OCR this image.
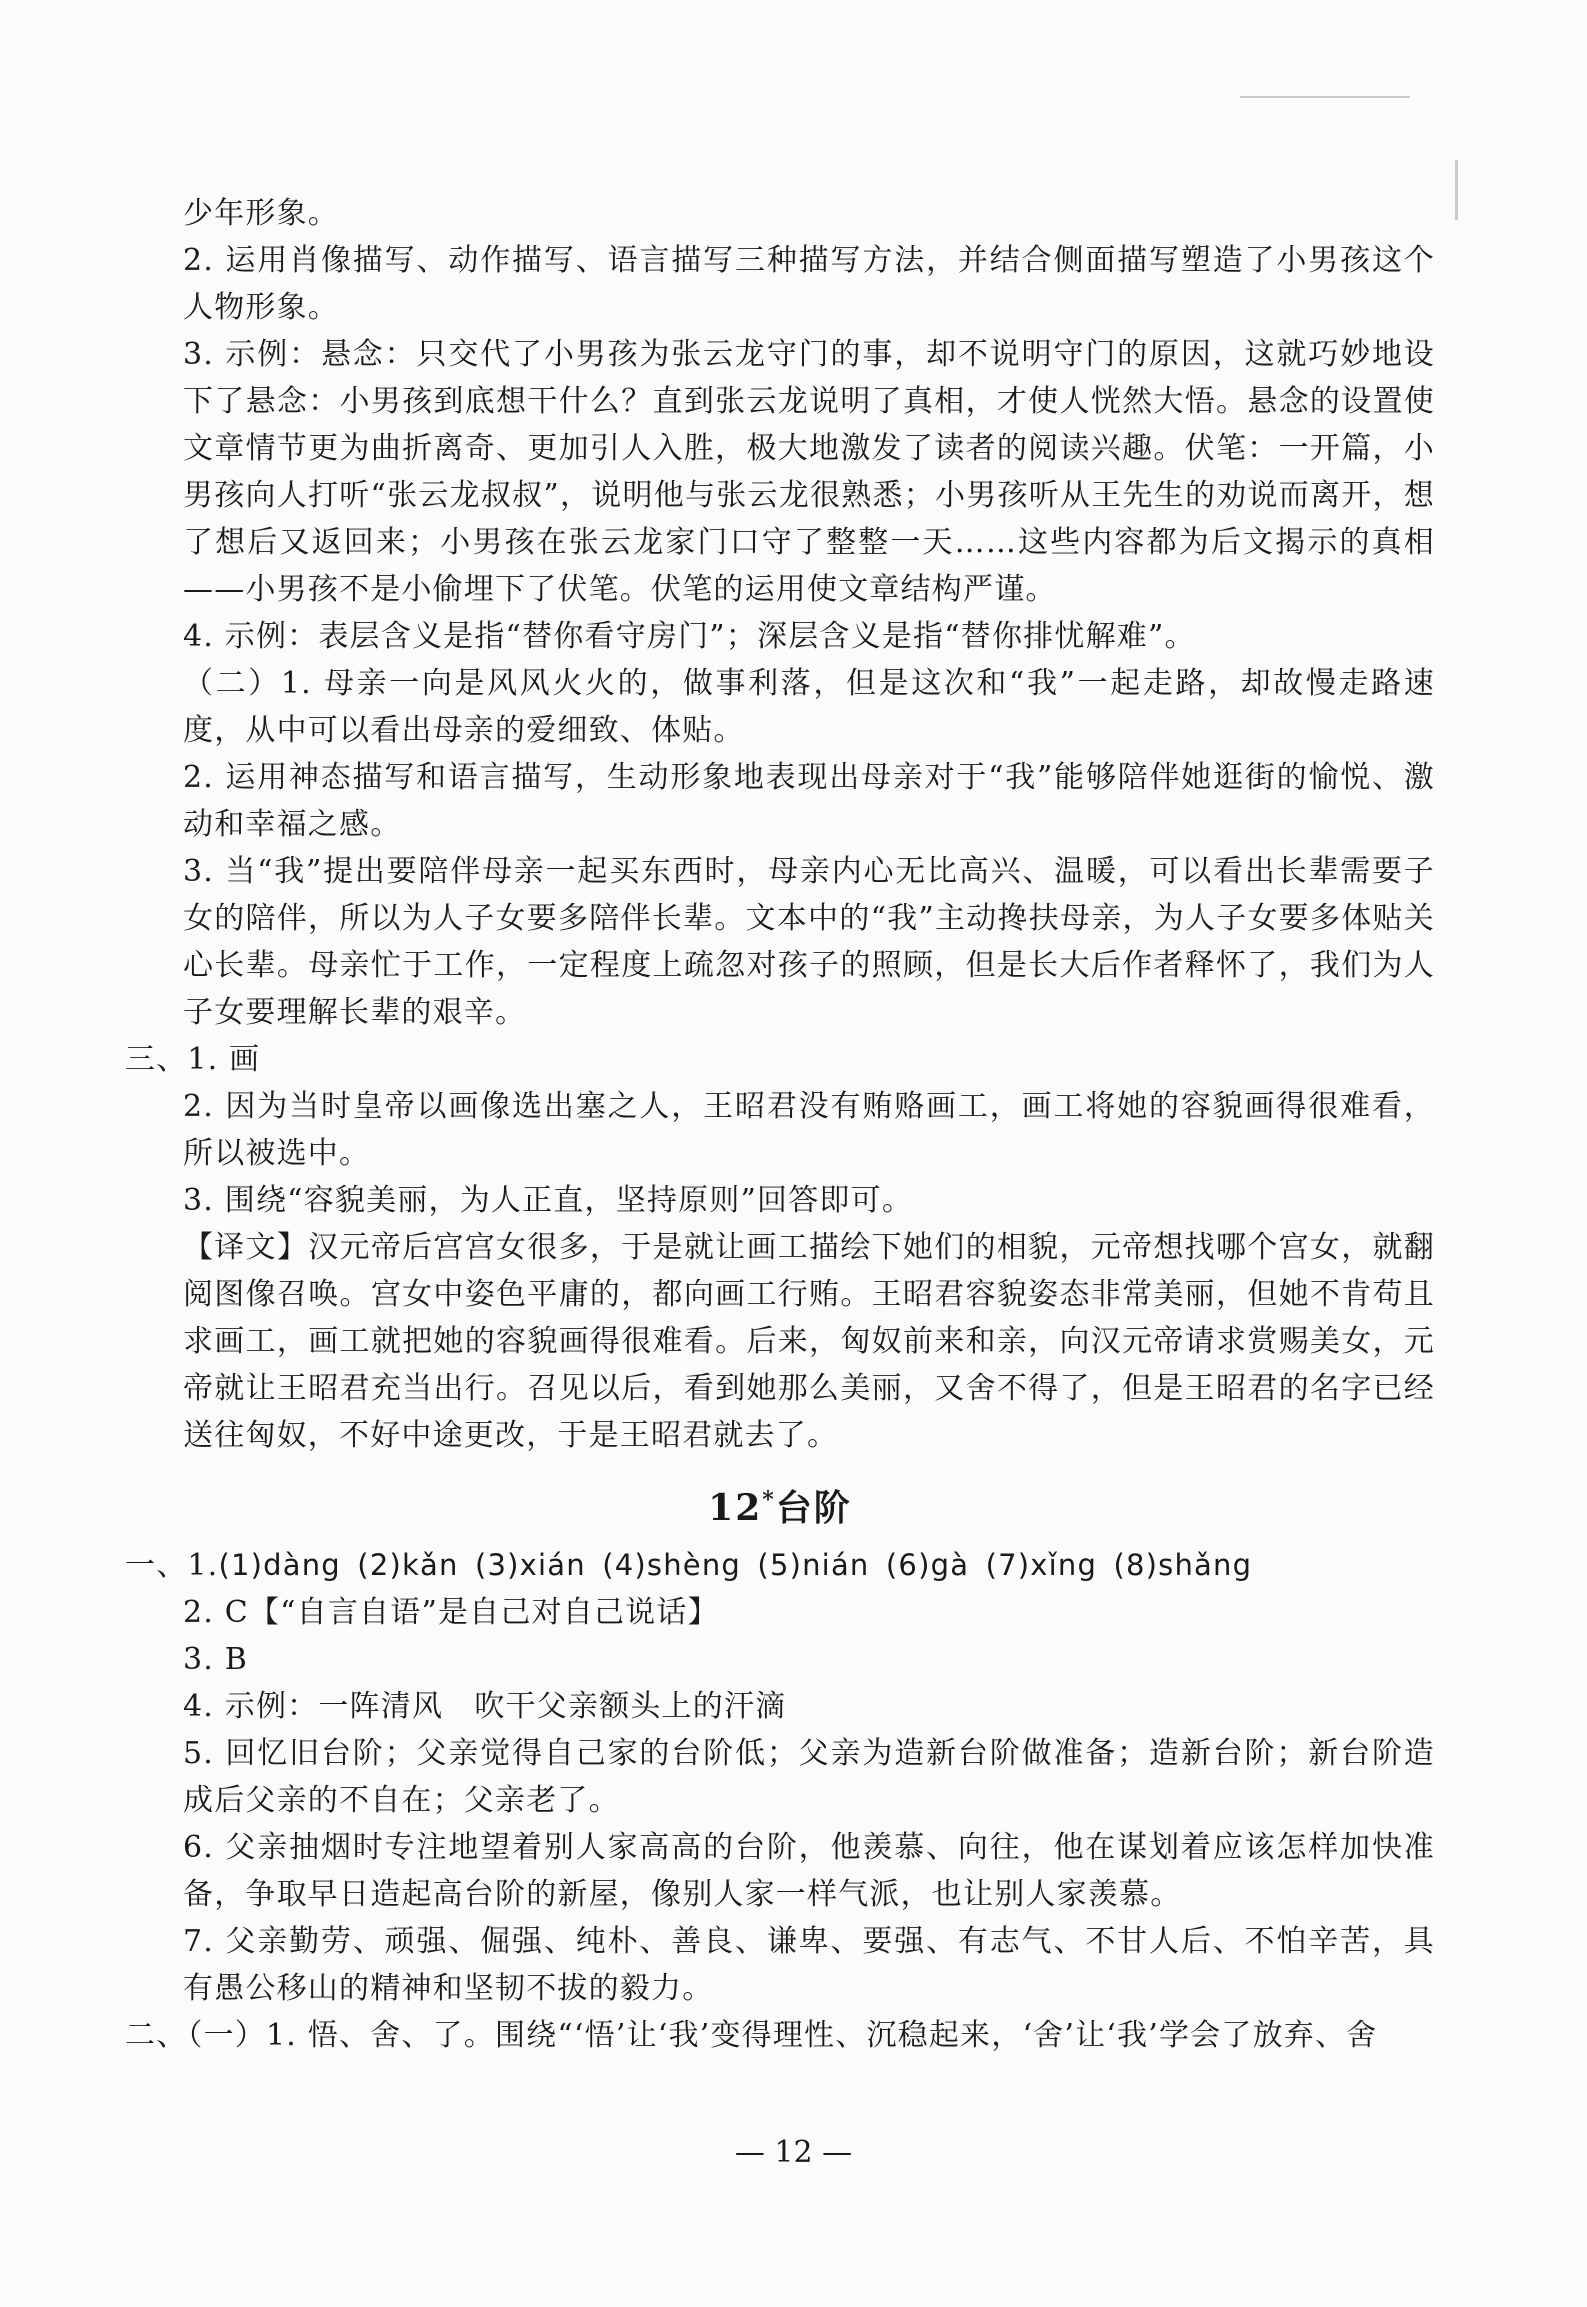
少年形象。

2. 运用肖像描写、动作描写、语言描写三种描写方法，并结合侧面描写塑造了小男孩这个人物形象。

3. 示例：悬念：只交代了小男孩为张云龙守门的事，却不说明守门的原因，这就巧妙地设下了悬念：小男孩到底想干什么？直到张云龙说明了真相，才使人恍然大悟。悬念的设置使文章情节更为曲折离奇、更加引人入胜，极大地激发了读者的阅读兴趣。伏笔：一开篇，小男孩向人打听“张云龙叔叔”，说明他与张云龙很熟悉；小男孩听从王先生的劝说而离开，想了想后又返回来；小男孩在张云龙家门口守了整整一天……这些内容都为后文揭示的真相——小男孩不是小偷埋下了伏笔。伏笔的运用使文章结构严谨。

4. 示例：表层含义是指“替你看守房门”；深层含义是指“替你排忧解难”。

（二）1. 母亲一向是风风火火的，做事利落，但是这次和“我”一起走路，却故慢走路速度，从中可以看出母亲的爱细致、体贴。

2. 运用神态描写和语言描写，生动形象地表现出母亲对于“我”能够陪伴她逛街的愉悦、激动和幸福之感。

3. 当“我”提出要陪伴母亲一起买东西时，母亲内心无比高兴、温暖，可以看出长辈需要子女的陪伴，所以为人子女要多陪伴长辈。文本中的“我”主动搀扶母亲，为人子女要多体贴关心长辈。母亲忙于工作，一定程度上疏忽对孩子的照顾，但是长大后作者释怀了，我们为人子女要理解长辈的艰辛。

三、1. 画

2. 因为当时皇帝以画像选出塞之人，王昭君没有贿赂画工，画工将她的容貌画得很难看，所以被选中。

3. 围绕“容貌美丽，为人正直，坚持原则”回答即可。

【译文】汉元帝后宫宫女很多，于是就让画工描绘下她们的相貌，元帝想找哪个宫女，就翻阅图像召唤。宫女中姿色平庸的，都向画工行贿。王昭君容貌姿态非常美丽，但她不肯苟且求画工，画工就把她的容貌画得很难看。后来，匈奴前来和亲，向汉元帝请求赏赐美女，元帝就让王昭君充当出行。召见以后，看到她那么美丽，又舍不得了，但是王昭君的名字已经送往匈奴，不好中途更改，于是王昭君就去了。

12*台阶

一、1.(1)dàng (2)kǎn (3)xián (4)shèng (5)nián (6)gà (7)xǐng (8)shǎng

2. C【“自言自语”是自己对自己说话】

3. B

4. 示例：一阵清风　吹干父亲额头上的汗滴

5. 回忆旧台阶；父亲觉得自己家的台阶低；父亲为造新台阶做准备；造新台阶；新台阶造成后父亲的不自在；父亲老了。

6. 父亲抽烟时专注地望着别人家高高的台阶，他羡慕、向往，他在谋划着应该怎样加快准备，争取早日造起高台阶的新屋，像别人家一样气派，也让别人家羡慕。

7. 父亲勤劳、顽强、倔强、纯朴、善良、谦卑、要强、有志气、不甘人后、不怕辛苦，具有愚公移山的精神和坚韧不拔的毅力。

二、（一）1. 悟、舍、了。围绕“‘悟’让‘我’变得理性、沉稳起来，‘舍’让‘我’学会了放弃、舍

— 12 —
